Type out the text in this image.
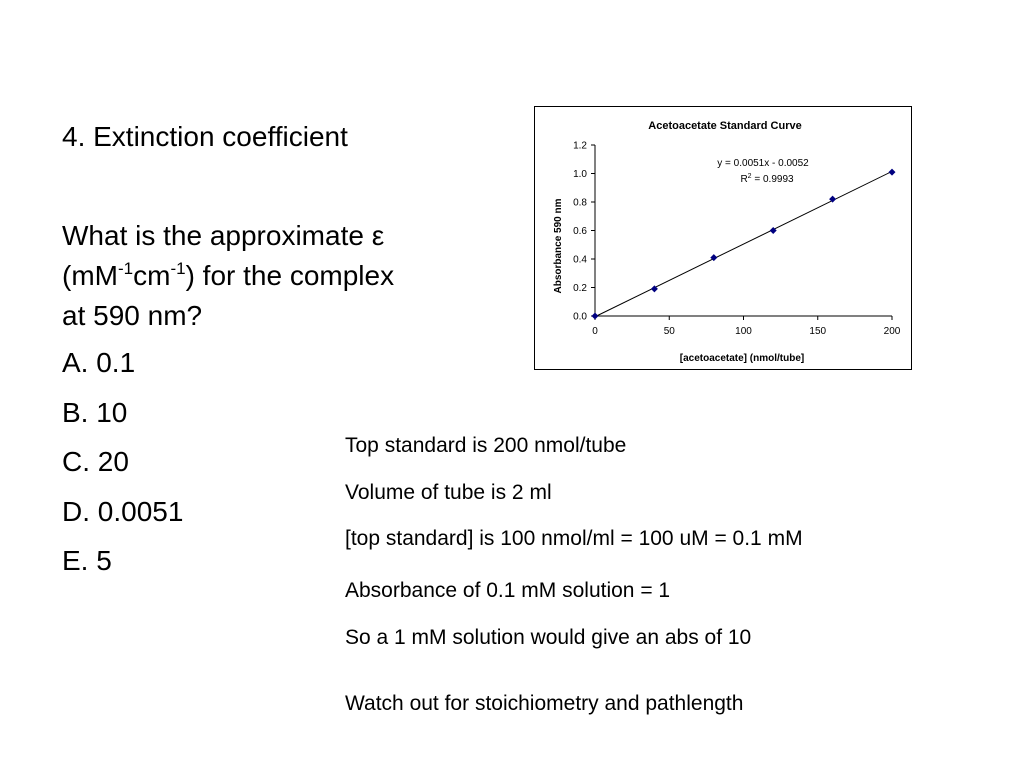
4. Extinction coefficient
What is the approximate ε
$(mM^{-1}cm^{-1})$ for the complex
at 590 nm?
A. 0.1
B. 10
C. 20
D. 0.0051
E. 5
Top standard is 200 nmol/tube
Volume of tube is 2 ml
[top standard] is 100 nmol/ml = 100 uM = 0.1 mM
Absorbance of 0.1 mM solution = 1
So a 1 mM solution would give an abs of 10
Watch out for stoichiometry and pathlength
Acetoacetate Standard Curve
[acetoacetate] (nmol/tube]
Absorbance 590 nm
y = 0.0051x - 0.0052
$R^2 = 0.9993$
0.0
0.2
0.4
0.6
0.8
1.0
1.2
0	50	100	150	200
